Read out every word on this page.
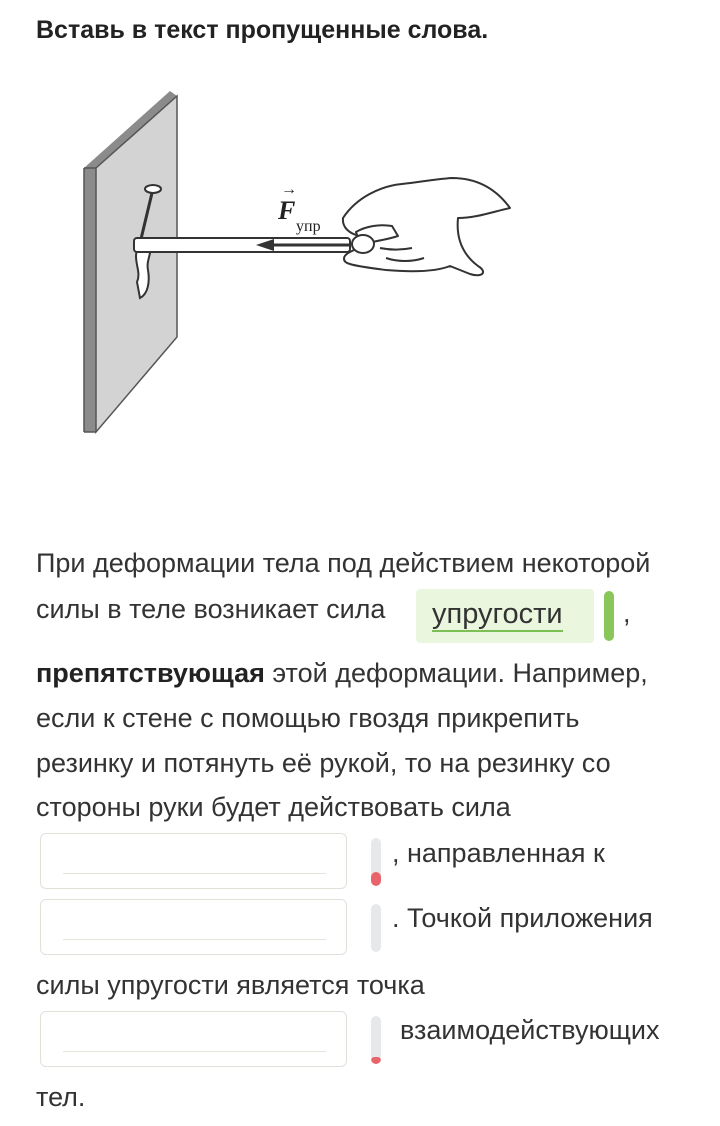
Вставь в текст пропущенные слова.
F
→
упр
При деформации тела под действием некоторой
силы в теле возникает сила упругости ,
препятствующая этой деформации. Например,
если к стене с помощью гвоздя прикрепить
резинку и потянуть её рукой, то на резинку со
стороны руки будет действовать сила
, направленная к
. Точкой приложения
силы упругости является точка
взаимодействующих
тел.
